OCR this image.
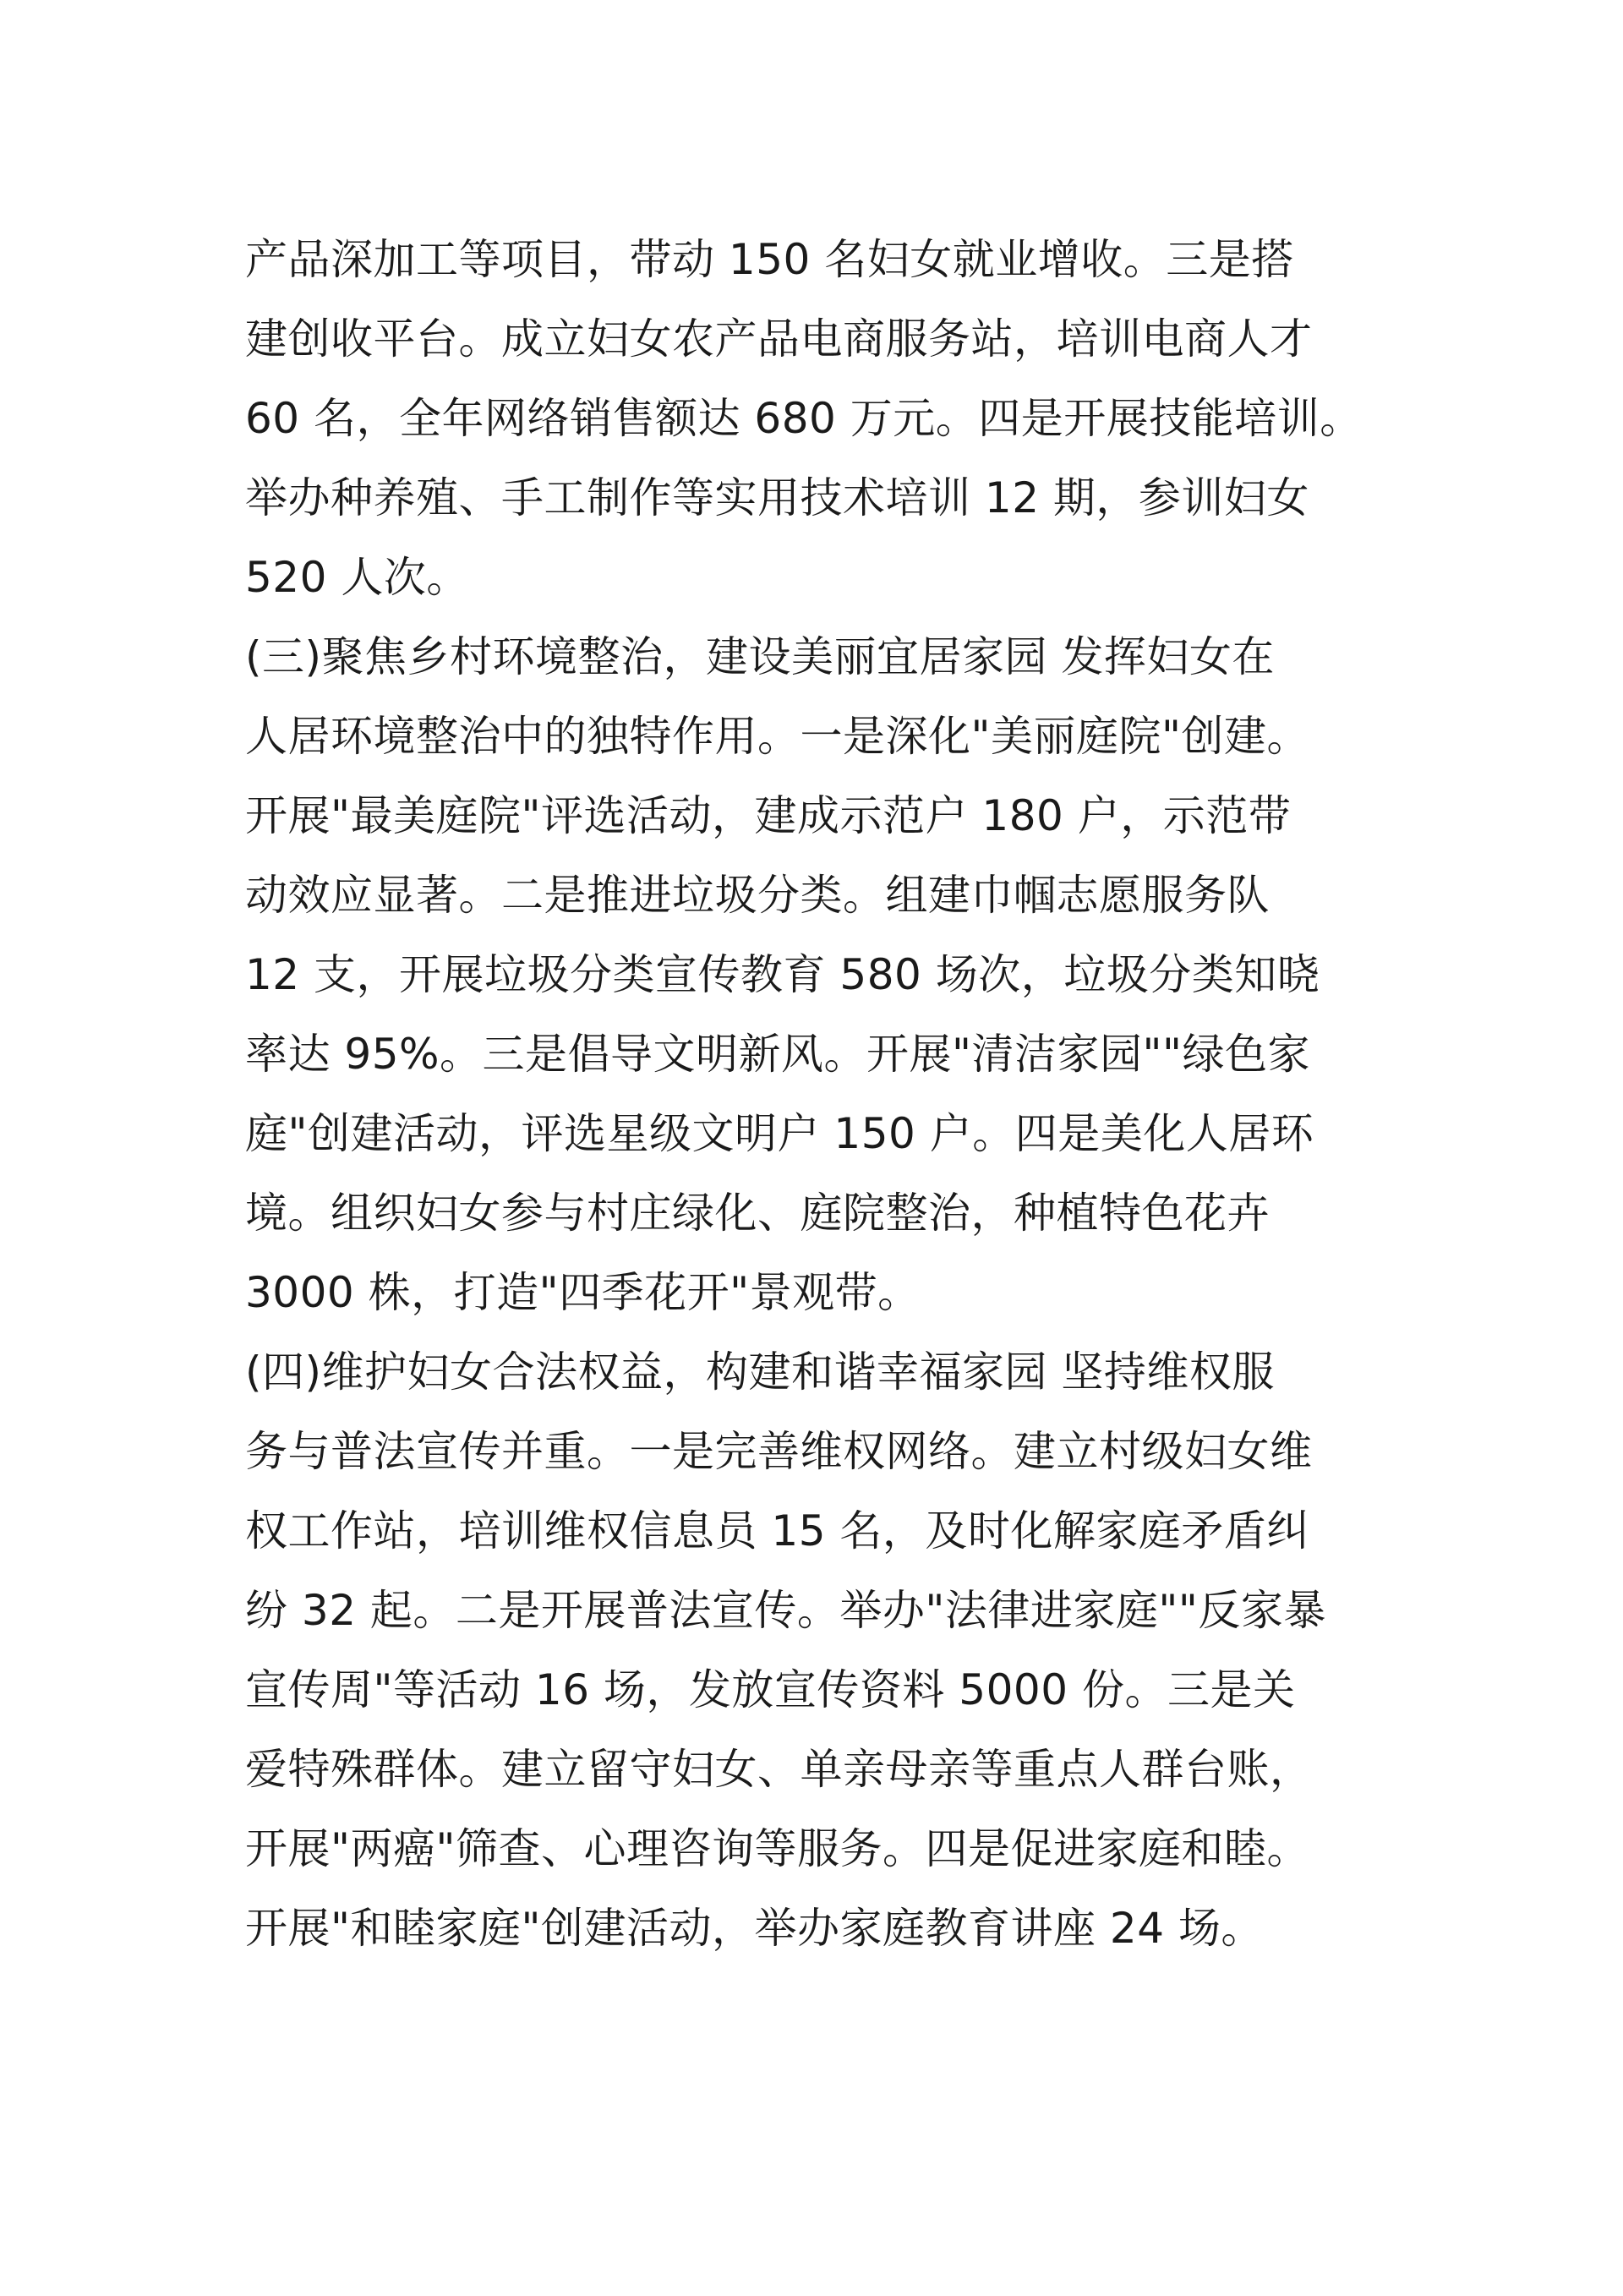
产品深加工等项目，带动 150 名妇女就业增收。三是搭
建创收平台。成立妇女农产品电商服务站，培训电商人才
60 名，全年网络销售额达 680 万元。四是开展技能培训。
举办种养殖、手工制作等实用技术培训 12 期，参训妇女
520 人次。
(三)聚焦乡村环境整治，建设美丽宜居家园 发挥妇女在
人居环境整治中的独特作用。一是深化"美丽庭院"创建。
开展"最美庭院"评选活动，建成示范户 180 户，示范带
动效应显著。二是推进垃圾分类。组建巾帼志愿服务队
12 支，开展垃圾分类宣传教育 580 场次，垃圾分类知晓
率达 95%。三是倡导文明新风。开展"清洁家园""绿色家
庭"创建活动，评选星级文明户 150 户。四是美化人居环
境。组织妇女参与村庄绿化、庭院整治，种植特色花卉
3000 株，打造"四季花开"景观带。
(四)维护妇女合法权益，构建和谐幸福家园 坚持维权服
务与普法宣传并重。一是完善维权网络。建立村级妇女维
权工作站，培训维权信息员 15 名，及时化解家庭矛盾纠
纷 32 起。二是开展普法宣传。举办"法律进家庭""反家暴
宣传周"等活动 16 场，发放宣传资料 5000 份。三是关
爱特殊群体。建立留守妇女、单亲母亲等重点人群台账，
开展"两癌"筛查、心理咨询等服务。四是促进家庭和睦。
开展"和睦家庭"创建活动，举办家庭教育讲座 24 场。
